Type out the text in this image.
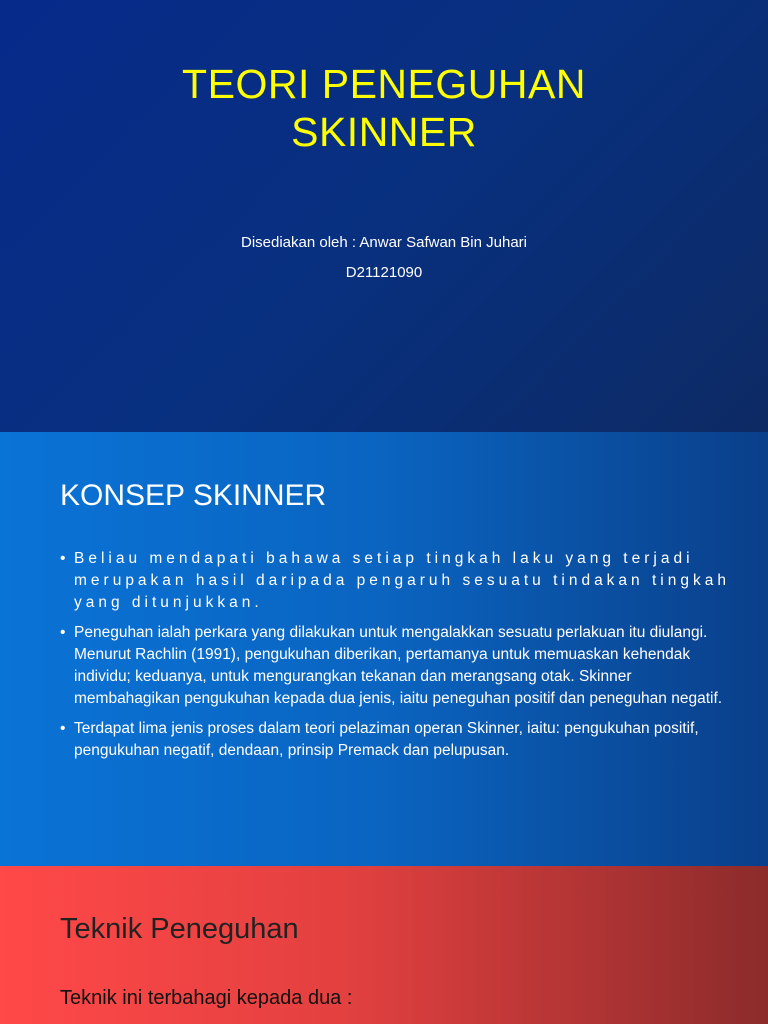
TEORI PENEGUHAN
SKINNER
Disediakan oleh : Anwar Safwan Bin Juhari
D21121090
KONSEP SKINNER
• Beliau mendapati bahawa setiap tingkah laku yang terjadi merupakan hasil daripada pengaruh sesuatu tindakan tingkah yang ditunjukkan.
• Peneguhan ialah perkara yang dilakukan untuk mengalakkan sesuatu perlakuan itu diulangi. Menurut Rachlin (1991), pengukuhan diberikan, pertamanya untuk memuaskan kehendak individu; keduanya, untuk mengurangkan tekanan dan merangsang otak. Skinner membahagikan pengukuhan kepada dua jenis, iaitu peneguhan positif dan peneguhan negatif.
• Terdapat lima jenis proses dalam teori pelaziman operan Skinner, iaitu: pengukuhan positif, pengukuhan negatif, dendaan, prinsip Premack dan pelupusan.
Teknik Peneguhan
Teknik ini terbahagi kepada dua :
